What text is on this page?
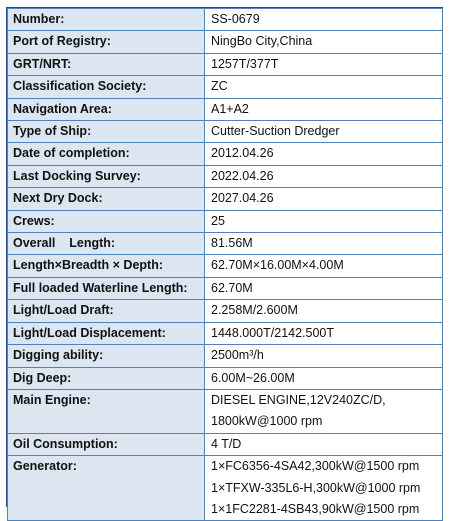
Number:	SS-0679

Port of Registry:	NingBo City,China

GRT/NRT:	1257T/377T

Classification Society:	ZC

Navigation Area:	A1+A2

Type of Ship:	Cutter-Suction Dredger

Date of completion:	2012.04.26

Last Docking Survey:	2022.04.26

Next Dry Dock:	2027.04.26

Crews:	25

Overall    Length:	81.56M

Length×Breadth × Depth:	62.70M×16.00M×4.00M

Full loaded Waterline Length:	62.70M

Light/Load Draft:	2.258M/2.600M

Light/Load Displacement:	1448.000T/2142.500T

Digging ability:	2500m³/h

Dig Deep:	6.00M~26.00M

Main Engine:	DIESEL ENGINE,12V240ZC/D,
1800kW@1000 rpm

Oil Consumption:	4 T/D

Generator:	1×FC6356-4SA42,300kW@1500 rpm
1×TFXW-335L6-H,300kW@1000 rpm
1×1FC2281-4SB43,90kW@1500 rpm
